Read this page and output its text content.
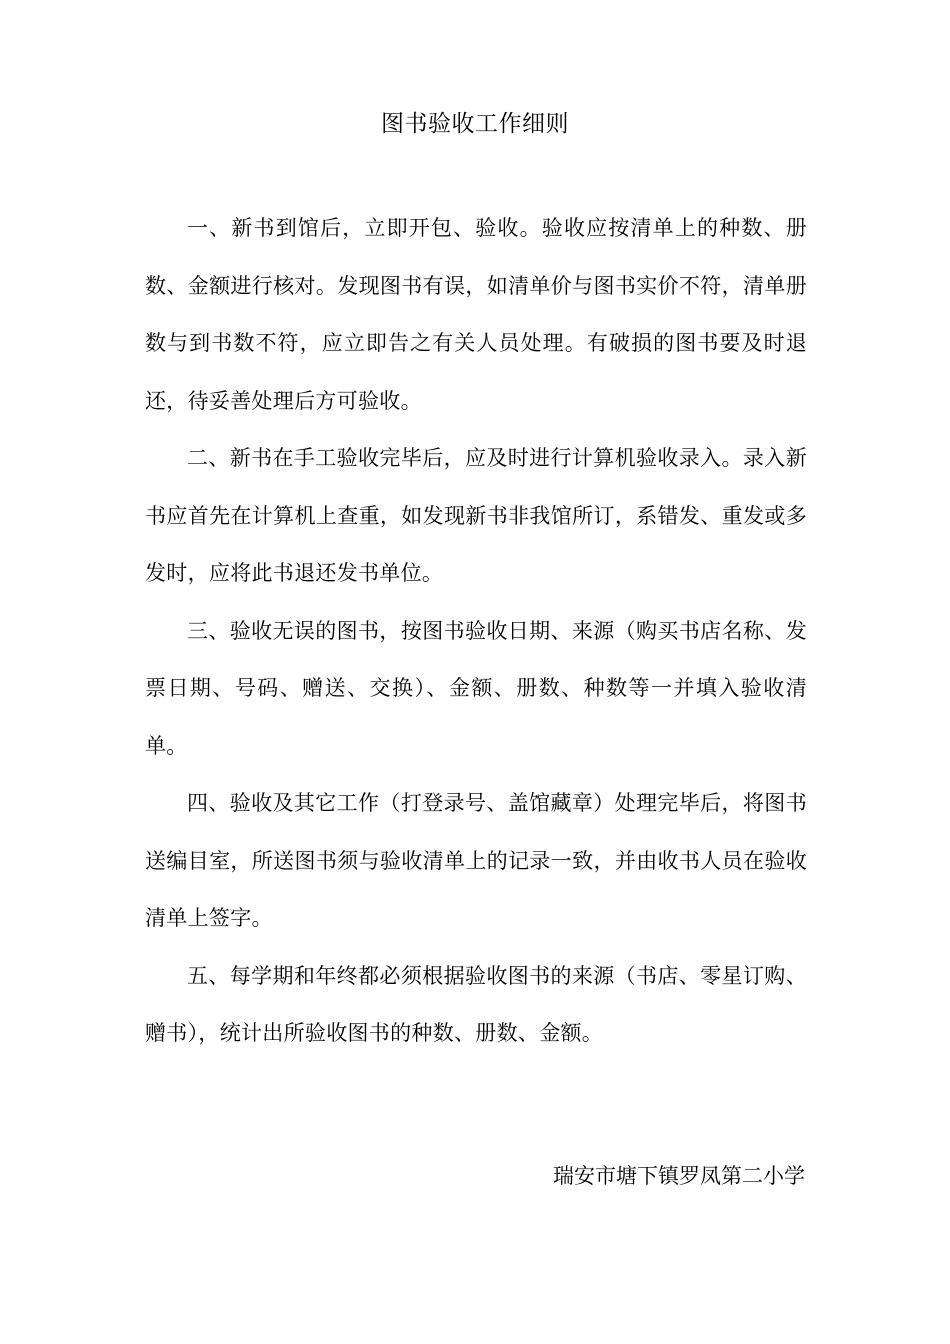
图书验收工作细则

一、新书到馆后，立即开包、验收。验收应按清单上的种数、册数、金额进行核对。发现图书有误，如清单价与图书实价不符，清单册数与到书数不符，应立即告之有关人员处理。有破损的图书要及时退还，待妥善处理后方可验收。

二、新书在手工验收完毕后，应及时进行计算机验收录入。录入新书应首先在计算机上查重，如发现新书非我馆所订，系错发、重发或多发时，应将此书退还发书单位。

三、验收无误的图书，按图书验收日期、来源（购买书店名称、发票日期、号码、赠送、交换）、金额、册数、种数等一并填入验收清单。

四、验收及其它工作（打登录号、盖馆藏章）处理完毕后，将图书送编目室，所送图书须与验收清单上的记录一致，并由收书人员在验收清单上签字。

五、每学期和年终都必须根据验收图书的来源（书店、零星订购、赠书），统计出所验收图书的种数、册数、金额。

瑞安市塘下镇罗凤第二小学
